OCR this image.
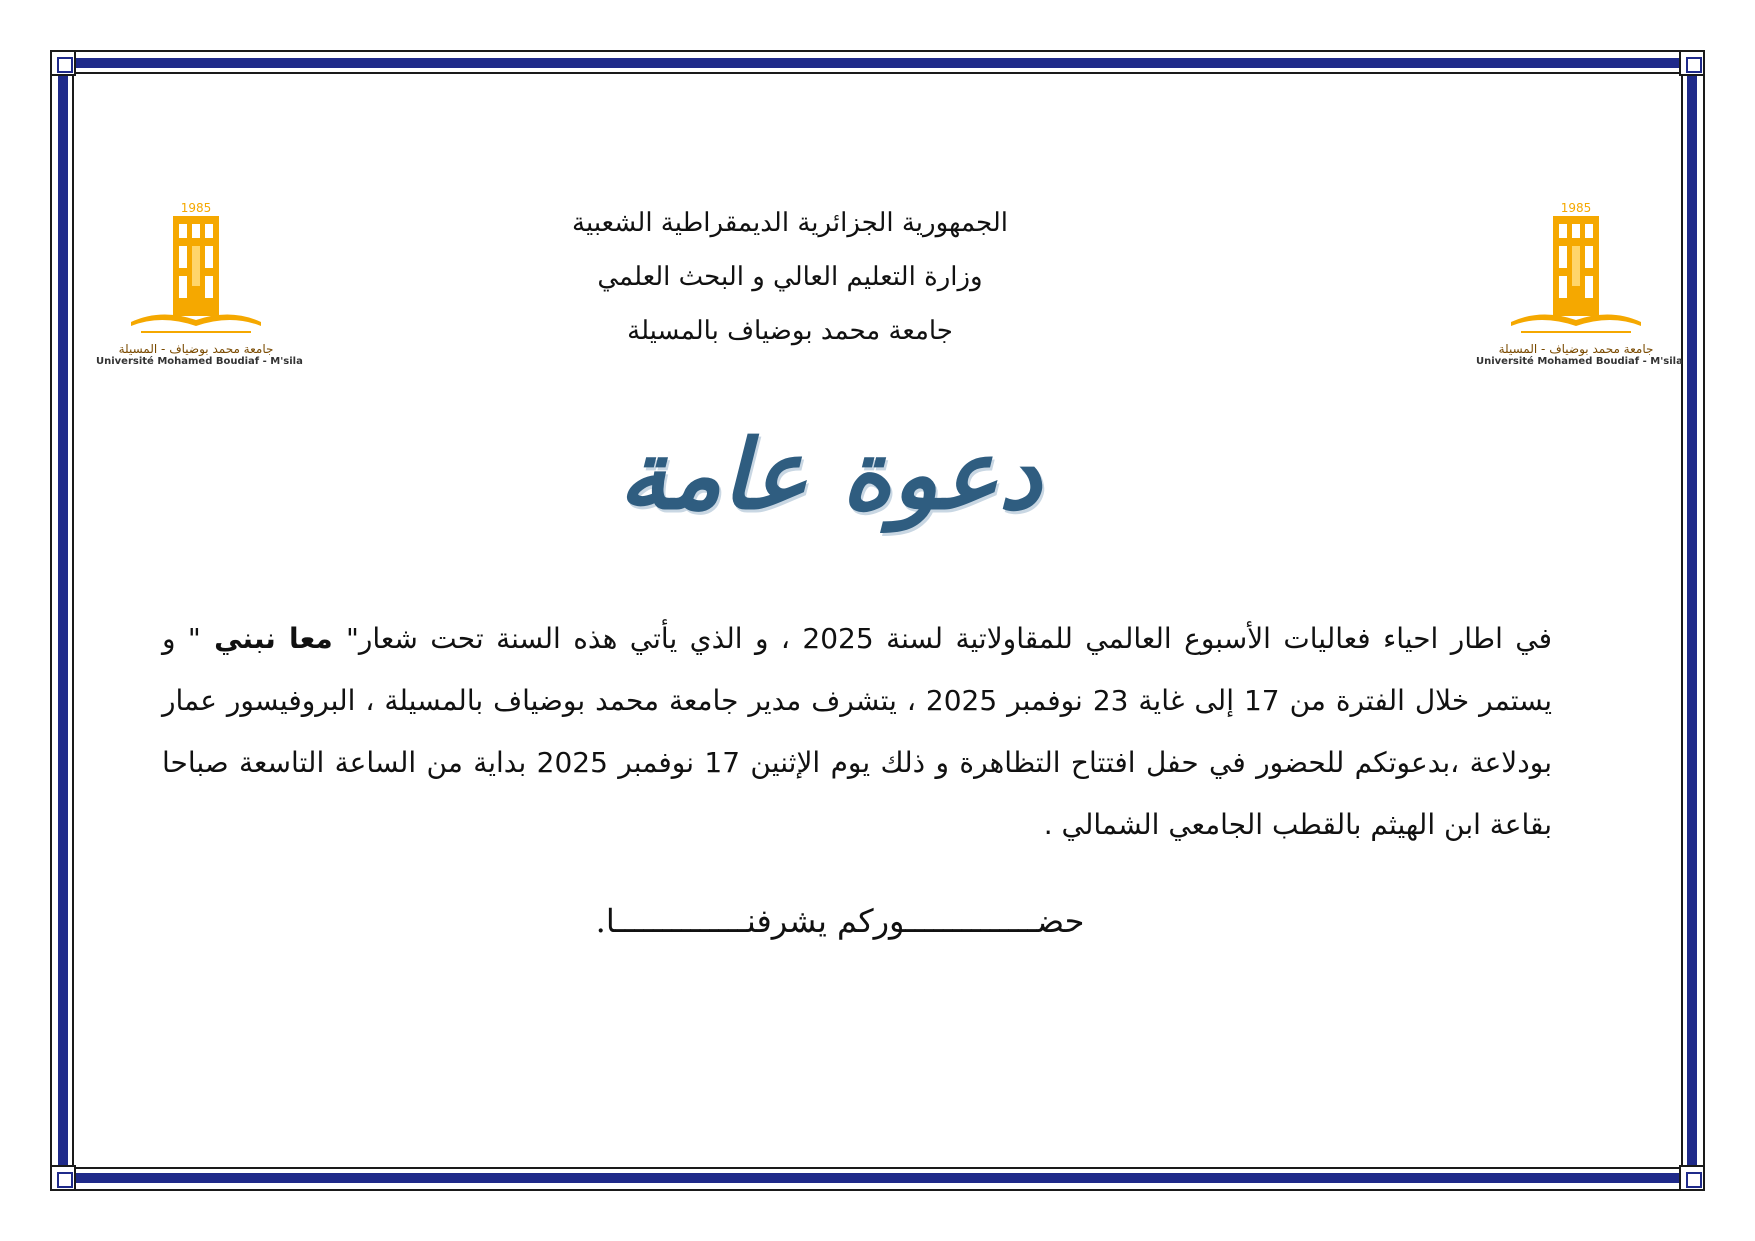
1985
جامعة محمد بوضياف - المسيلة
Université Mohamed Boudiaf - M'sila
1985
جامعة محمد بوضياف - المسيلة
Université Mohamed Boudiaf - M'sila
الجمهورية الجزائرية الديمقراطية الشعبية
وزارة التعليم العالي و البحث العلمي
جامعة محمد بوضياف بالمسيلة
دعوة عامة
في اطار احياء فعاليات الأسبوع العالمي للمقاولاتية لسنة 2025 ، و الذي يأتي هذه السنة تحت شعار" معا نبني " و يستمر خلال الفترة من 17 إلى غاية 23 نوفمبر 2025 ، يتشرف مدير جامعة محمد بوضياف بالمسيلة ، البروفيسور عمار بودلاعة ،بدعوتكم للحضور في حفل افتتاح التظاهرة و ذلك يوم الإثنين 17 نوفمبر 2025 بداية من الساعة التاسعة صباحا بقاعة ابن الهيثم بالقطب الجامعي الشمالي .
حضــــــــــــــوركم يشرفنــــــــــــــا.
